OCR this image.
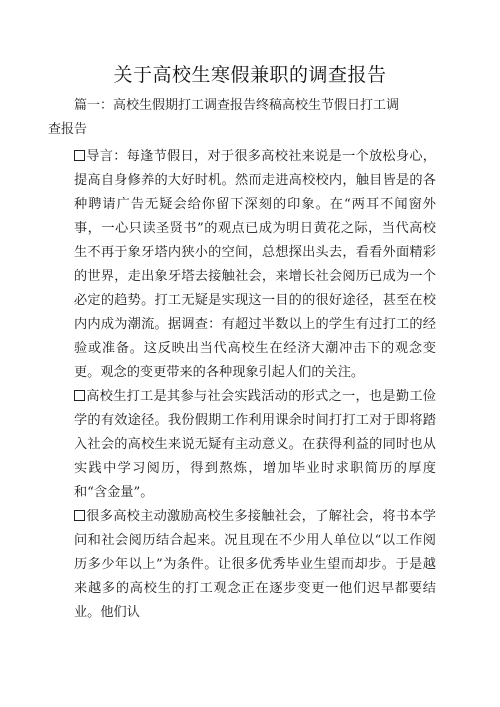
关于高校生寒假兼职的调查报告
篇一：高校生假期打工调查报告终稿高校生节假日打工调查报告

导言：每逢节假日，对于很多高校社来说是一个放松身心，提高自身修养的大好时机。然而走进高校校内，触目皆是的各种聘请广告无疑会给你留下深刻的印象。在“两耳不闻窗外事，一心只读圣贤书”的观点已成为明日黄花之际，当代高校生不再于象牙塔内狭小的空间，总想探出头去，看看外面精彩的世界，走出象牙塔去接触社会，来增长社会阅历已成为一个必定的趋势。打工无疑是实现这一目的的很好途径，甚至在校内内成为潮流。据调查：有超过半数以上的学生有过打工的经验或准备。这反映出当代高校生在经济大潮冲击下的观念变更。观念的变更带来的各种现象引起人们的关注。

高校生打工是其参与社会实践活动的形式之一，也是勤工俭学的有效途径。我份假期工作利用课余时间打打工对于即将踏入社会的高校生来说无疑有主动意义。在获得利益的同时也从实践中学习阅历，得到熬炼，增加毕业时求职简历的厚度和“含金量”。

很多高校主动激励高校生多接触社会，了解社会，将书本学问和社会阅历结合起来。况且现在不少用人单位以“以工作阅历多少年以上”为条件。让很多优秀毕业生望而却步。于是越来越多的高校生的打工观念正在逐步变更一他们迟早都要结业。他们认
